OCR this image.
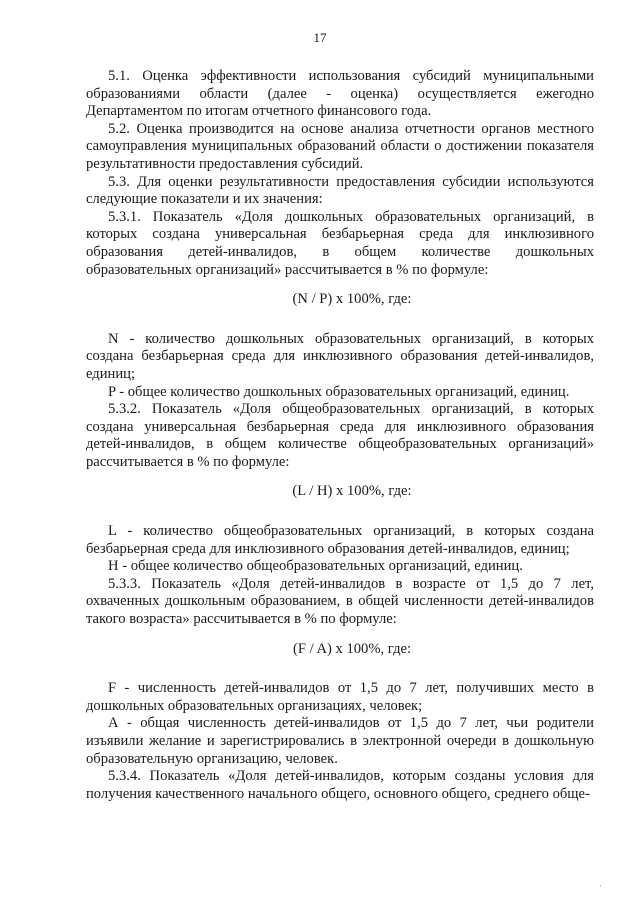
17

5.1. Оценка эффективности использования субсидий муниципальными образованиями области (далее - оценка) осуществляется ежегодно Департаментом по итогам отчетного финансового года.

5.2. Оценка производится на основе анализа отчетности органов местного самоуправления муниципальных образований области о достижении показателя результативности предоставления субсидий.

5.3. Для оценки результативности предоставления субсидии используются следующие показатели и их значения:

5.3.1. Показатель «Доля дошкольных образовательных организаций, в которых создана универсальная безбарьерная среда для инклюзивного образования детей-инвалидов, в общем количестве дошкольных образовательных организаций» рассчитывается в % по формуле:

(N / P) х 100%, где:

N - количество дошкольных образовательных организаций, в которых создана безбарьерная среда для инклюзивного образования детей-инвалидов, единиц;

P - общее количество дошкольных образовательных организаций, единиц.

5.3.2. Показатель «Доля общеобразовательных организаций, в которых создана универсальная безбарьерная среда для инклюзивного образования детей-инвалидов, в общем количестве общеобразовательных организаций» рассчитывается в % по формуле:

(L / H) х 100%, где:

L - количество общеобразовательных организаций, в которых создана безбарьерная среда для инклюзивного образования детей-инвалидов, единиц;

H - общее количество общеобразовательных организаций, единиц.

5.3.3. Показатель «Доля детей-инвалидов в возрасте от 1,5 до 7 лет, охваченных дошкольным образованием, в общей численности детей-инвалидов такого возраста» рассчитывается в % по формуле:

(F / A) х 100%, где:

F - численность детей-инвалидов от 1,5 до 7 лет, получивших место в дошкольных образовательных организациях, человек;

А - общая численность детей-инвалидов от 1,5 до 7 лет, чьи родители изъявили желание и зарегистрировались в электронной очереди в дошкольную образовательную организацию, человек.

5.3.4. Показатель «Доля детей-инвалидов, которым созданы условия для получения качественного начального общего, основного общего, среднего обще-

·
